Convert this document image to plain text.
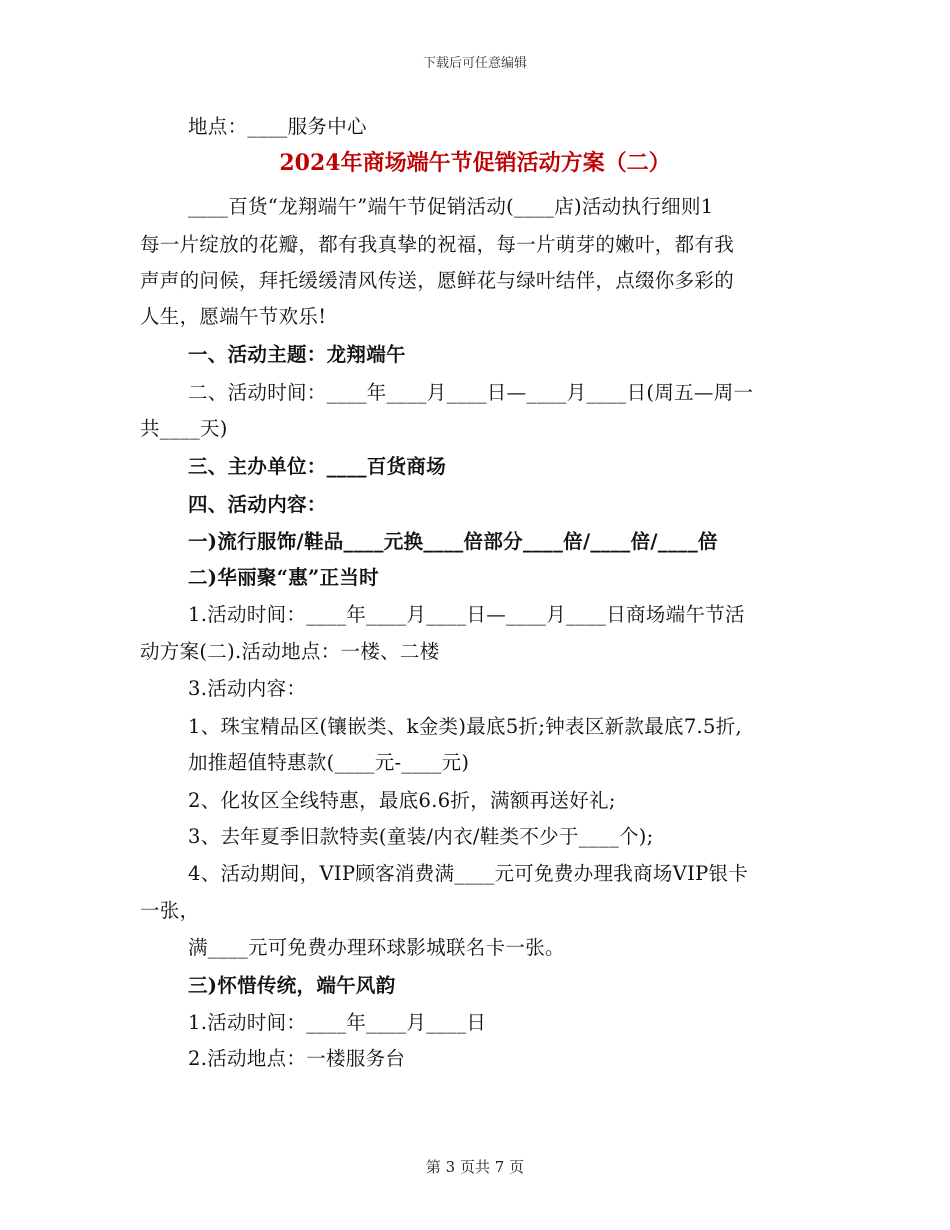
下载后可任意编辑
地点：____服务中心
2024年商场端午节促销活动方案（二）
____百货“龙翔端午”端午节促销活动(____店)活动执行细则1
每一片绽放的花瓣，都有我真挚的祝福，每一片萌芽的嫩叶，都有我
声声的问候，拜托缓缓清风传送，愿鲜花与绿叶结伴，点缀你多彩的
人生，愿端午节欢乐!
一、活动主题：龙翔端午
二、活动时间：____年____月____日—____月____日(周五—周一
共____天)
三、主办单位：____百货商场
四、活动内容：
一)流行服饰/鞋品____元换____倍部分____倍/____倍/____倍
二)华丽聚“惠”正当时
1.活动时间：____年____月____日—____月____日商场端午节活
动方案(二).活动地点：一楼、二楼
3.活动内容：
1、珠宝精品区(镶嵌类、k金类)最底5折;钟表区新款最底7.5折,
加推超值特惠款(____元-____元)
2、化妆区全线特惠，最底6.6折，满额再送好礼;
3、去年夏季旧款特卖(童装/内衣/鞋类不少于____个);
4、活动期间，VIP顾客消费满____元可免费办理我商场VIP银卡
一张，
满____元可免费办理环球影城联名卡一张。
三)怀惜传统，端午风韵
1.活动时间：____年____月____日
2.活动地点：一楼服务台
第 3 页共 7 页
